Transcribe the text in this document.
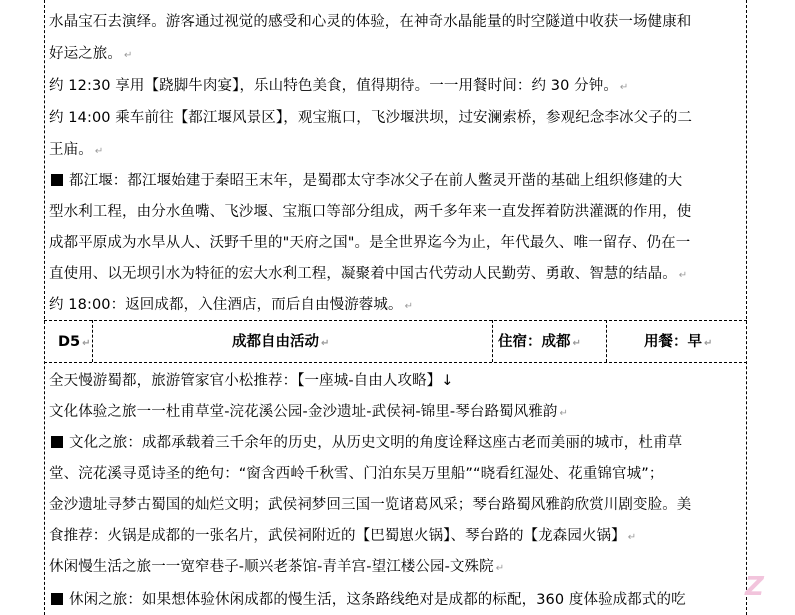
水晶宝石去演绎。游客通过视觉的感受和心灵的体验，在神奇水晶能量的时空隧道中收获一场健康和
好运之旅。 ↵
约 12:30 享用【跷脚牛肉宴】，乐山特色美食，值得期待。一一用餐时间：约 30 分钟。 ↵
约 14:00 乘车前往【都江堰风景区】，观宝瓶口，飞沙堰洪坝，过安澜索桥，参观纪念李冰父子的二
王庙。 ↵
都江堰：都江堰始建于秦昭王末年，是蜀郡太守李冰父子在前人鳖灵开凿的基础上组织修建的大
型水利工程，由分水鱼嘴、飞沙堰、宝瓶口等部分组成，两千多年来一直发挥着防洪灌溉的作用，使
成都平原成为水旱从人、沃野千里的"天府之国"。是全世界迄今为止，年代最久、唯一留存、仍在一
直使用、以无坝引水为特征的宏大水利工程，凝聚着中国古代劳动人民勤劳、勇敢、智慧的结晶。 ↵
约 18:00：返回成都，入住酒店，而后自由慢游蓉城。 ↵
D5 ↵	成都自由活动 ↵	住宿：成都 ↵	用餐：早 ↵
全天慢游蜀都，旅游管家官小松推荐：【一座城-自由人攻略】↓
文化体验之旅一一杜甫草堂-浣花溪公园-金沙遗址-武侯祠-锦里-琴台路蜀风雅韵 ↵
文化之旅：成都承载着三千余年的历史，从历史文明的角度诠释这座古老而美丽的城市，杜甫草
堂、浣花溪寻觅诗圣的绝句：“窗含西岭千秋雪、门泊东吴万里船”“晓看红湿处、花重锦官城”；
金沙遗址寻梦古蜀国的灿烂文明；武侯祠梦回三国一览诸葛风采；琴台路蜀风雅韵欣赏川剧变脸。美
食推荐：火锅是成都的一张名片，武侯祠附近的【巴蜀崽火锅】、琴台路的【龙森园火锅】 ↵
休闲慢生活之旅一一宽窄巷子-顺兴老茶馆-青羊宫-望江楼公园-文殊院 ↵
休闲之旅：如果想体验休闲成都的慢生活，这条路线绝对是成都的标配，360 度体验成都式的吃	Z
